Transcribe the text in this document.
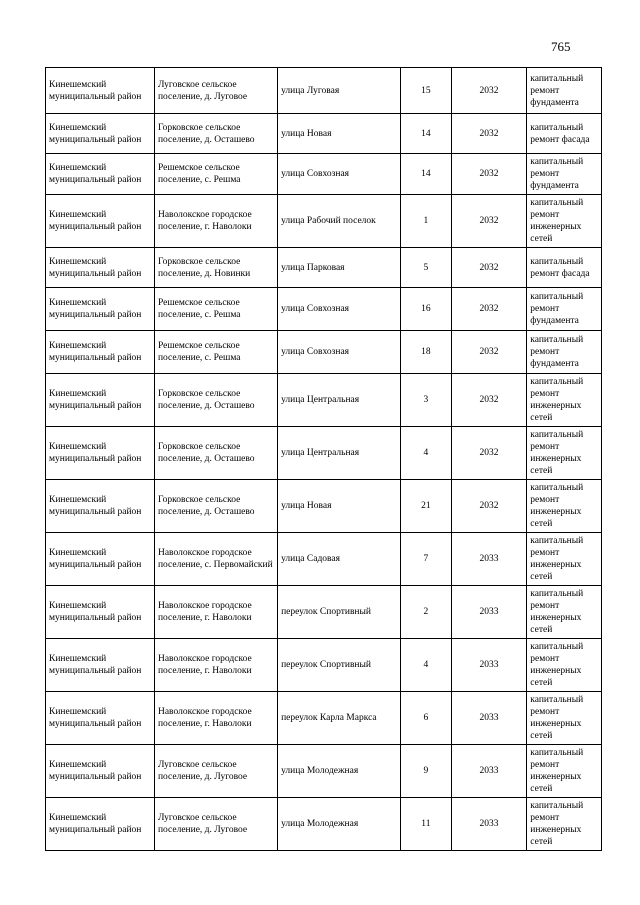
765
Кинешемский муниципальный район	Луговское сельское поселение, д. Луговое	улица Луговая	15	2032	капитальный ремонт фундамента
Кинешемский муниципальный район	Горковское сельское поселение, д. Осташево	улица Новая	14	2032	капитальный ремонт фасада
Кинешемский муниципальный район	Решемское сельское поселение, с. Решма	улица Совхозная	14	2032	капитальный ремонт фундамента
Кинешемский муниципальный район	Наволокское городское поселение, г. Наволоки	улица Рабочий поселок	1	2032	капитальный ремонт инженерных сетей
Кинешемский муниципальный район	Горковское сельское поселение, д. Новинки	улица Парковая	5	2032	капитальный ремонт фасада
Кинешемский муниципальный район	Решемское сельское поселение, с. Решма	улица Совхозная	16	2032	капитальный ремонт фундамента
Кинешемский муниципальный район	Решемское сельское поселение, с. Решма	улица Совхозная	18	2032	капитальный ремонт фундамента
Кинешемский муниципальный район	Горковское сельское поселение, д. Осташево	улица Центральная	3	2032	капитальный ремонт инженерных сетей
Кинешемский муниципальный район	Горковское сельское поселение, д. Осташево	улица Центральная	4	2032	капитальный ремонт инженерных сетей
Кинешемский муниципальный район	Горковское сельское поселение, д. Осташево	улица Новая	21	2032	капитальный ремонт инженерных сетей
Кинешемский муниципальный район	Наволокское городское поселение, с. Первомайский	улица Садовая	7	2033	капитальный ремонт инженерных сетей
Кинешемский муниципальный район	Наволокское городское поселение, г. Наволоки	переулок Спортивный	2	2033	капитальный ремонт инженерных сетей
Кинешемский муниципальный район	Наволокское городское поселение, г. Наволоки	переулок Спортивный	4	2033	капитальный ремонт инженерных сетей
Кинешемский муниципальный район	Наволокское городское поселение, г. Наволоки	переулок Карла Маркса	6	2033	капитальный ремонт инженерных сетей
Кинешемский муниципальный район	Луговское сельское поселение, д. Луговое	улица Молодежная	9	2033	капитальный ремонт инженерных сетей
Кинешемский муниципальный район	Луговское сельское поселение, д. Луговое	улица Молодежная	11	2033	капитальный ремонт инженерных сетей
